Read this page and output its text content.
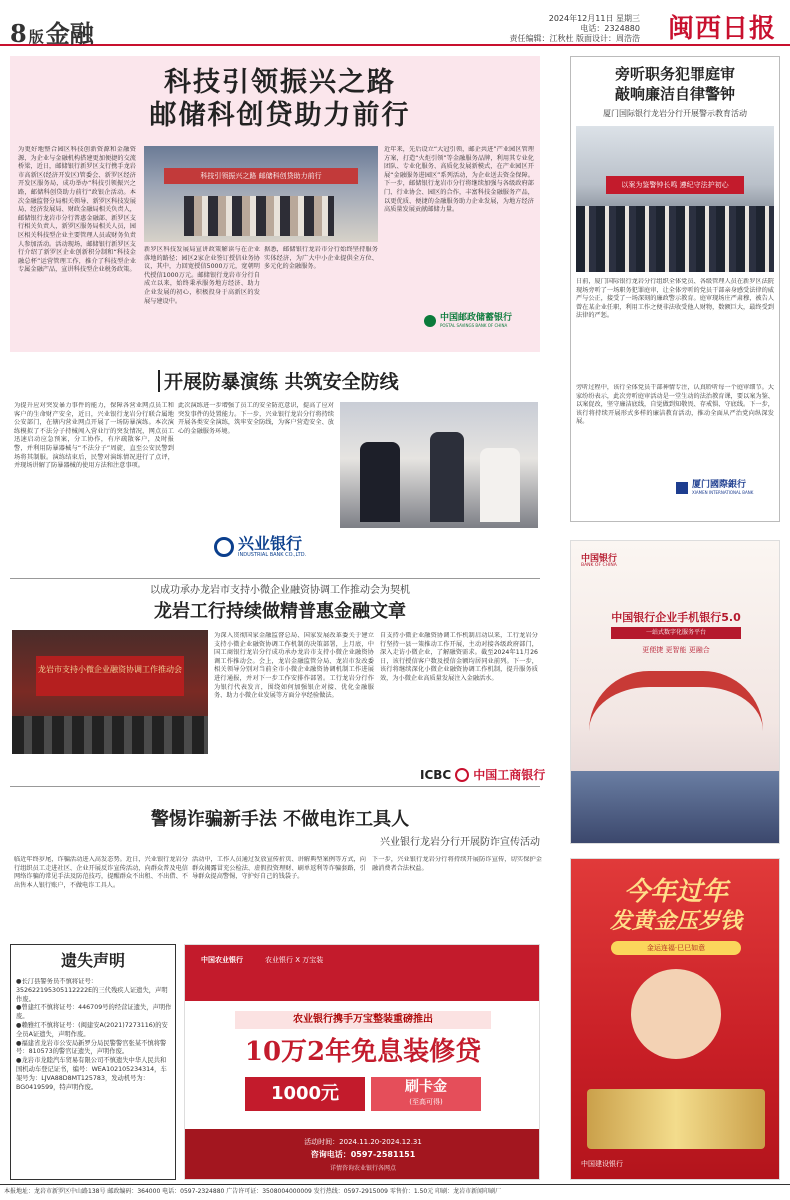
8 版金融
2024年12月11日 星期三
电话：2324880
责任编辑：江秋杜 版面设计：周浩浩 闽西日报
科技引领振兴之路
邮储科创贷助力前行
为更好地整合园区科技创新资源和金融资源，为企业与金融机构搭建更加便捷的交流桥梁，近日，邮储银行新罗区支行携手龙岩市高新区(经济开发区)管委会、新罗区经济开发区服务局，成功举办“科技引领振兴之路，邮储科创贷助力前行”政银企活动。本次金融监督分局相关领导、新罗区科技发展局、经济发展局、财政金融局相关负责人，邮储银行龙岩市分行普惠金融部、新罗区支行相关负责人，新罗区服务局相关人员，园区相关科技型企业主要管理人员或财务负责人参加活动。活动现场，邮储银行新罗区支行介绍了新罗区企业创新积分制和“科技金融总杯”运营管理工作，推介了科技型企业专属金融产品，宣讲科技型企业税务政策。
科技引领振兴之路 邮储科创贷助力前行
新罗区科技发展局宣讲政策解读与在企业落地的路径；园区2家企业签订授信业务协议，其中，力回宽授信5000万元，宽朝明代授信1000万元。邮储银行龙岩市分行自成立以来，始终秉承服务地方经济、助力企业发展的初心，积极投身于高新区的发展与建设中。
据悉，邮储银行龙岩市分行始终坚持服务实体经济，为广大中小企业提供全方位、多元化的金融服务。
近年来，先后设立“大冠引领，邮企共进”产业园区管理方案，打造“火炬引领”等金融服务品牌，利用其专业化团队、专业化服务、高质化发展新模式，在产业园区开展“金融服务进园区”系列活动，为企业送去资金保障。下一步，邮储银行龙岩市分行将继续加强与各级政府部门、行业协会、园区的合作，丰富科技金融服务产品，以更优质、便捷的金融服务助力企业发展，为地方经济高质量发展贡献邮储力量。
中国邮政储蓄银行
POSTAL SAVINGS BANK OF CHINA
开展防暴演练 共筑安全防线
为提升应对突发暴力事件的能力，保障各营业网点员工和客户的生命财产安全，近日，兴业银行龙岩分行联合属地公安部门，在辖内营业网点开展了一场防暴演练。本次演练模拟了不法分子持械闯入营业厅的突发情况，网点员工迅速启动应急预案，分工协作，有序疏散客户，及时报警，并利用防暴器械与“不法分子”周旋，直至公安民警到场将其制服。演练结束后，民警对演练情况进行了点评，并现场讲解了防暴器械的使用方法和注意事项。
此次演练进一步增强了员工的安全防范意识，提高了应对突发事件的处置能力。下一步，兴业银行龙岩分行将持续开展各类安全演练，筑牢安全防线，为客户营造安全、放心的金融服务环境。
兴业银行
INDUSTRIAL BANK CO.,LTD.
以成功承办龙岩市支持小微企业融资协调工作推动会为契机
龙岩工行持续做精普惠金融文章
龙岩市支持小微企业融资协调工作推动会
为深入贯彻国家金融监督总局、国家发展改革委关于建立支持小微企业融资协调工作机制的决策部署，上月底，中国工商银行龙岩分行成功承办龙岩市支持小微企业融资协调工作推动会。会上，龙岩金融监管分局、龙岩市发改委相关领导分别对当前全市小微企业融资协调机制工作进展进行通报，并对下一步工作安排作部署。工行龙岩分行作为银行代表发言，围绕如何加强银企对接、优化金融服务、助力小微企业发展等方面分享经验做法。
自支持小微企业融资协调工作机制启动以来，工行龙岩分行坚持一县一策推动工作开展，主动对接各级政府部门，深入走访小微企业，了解融资需求。截至2024年11月26日，该行授信客户数及授信金额均居同业前列。下一步，该行将继续深化小微企业融资协调工作机制，提升服务质效，为小微企业高质量发展注入金融活水。
ICBC 中国工商银行
警惕诈骗新手法 不做电诈工具人
兴业银行龙岩分行开展防诈宣传活动
临近年终岁尾，诈骗活动进入高发态势。近日，兴业银行龙岩分行组织员工走进社区、企业开展反诈宣传活动，向群众普及电信网络诈骗的常见手法及防范技巧，提醒群众不出租、不出借、不出售本人银行账户，不做电诈工具人。
活动中，工作人员通过发放宣传折页、讲解典型案例等方式，向群众揭露冒充公检法、虚假投资理财、刷单返利等诈骗套路，引导群众提高警惕，守护好自己的钱袋子。
下一步，兴业银行龙岩分行将持续开展防诈宣传，切实保护金融消费者合法权益。
遗失声明
●长汀县警务员不慎将证号：352622195305112222E的三代残疾人证遗失，声明作废。
●曾建红不慎将证号：446709号的经营证遗失，声明作废。
●赖雅红不慎将证号：(闽建安A(2021)7273116)的安全员A证遗失，声明作废。
●福建省龙岩市公安局新罗分局民警警官张某不慎将警号：810573的警官证遗失，声明作废。
●龙岩市龙睦汽车贸易有限公司不慎遗失中华人民共和国机动车登记证书，编号：WEA102105234314，车架号为：LJVA88D8MT125783，发动机号为：BG0419599，特声明作废。
中国农业银行	农业银行 X 万宝装
农业银行携手万宝整装重磅推出
10万2年免息装修贷
1000元	刷卡金
(至高可得)
活动时间：2024.11.20-2024.12.31
咨询电话：0597-2581151
详情咨询农业银行各网点
旁听职务犯罪庭审
敲响廉洁自律警钟
厦门国际银行龙岩分行开展警示教育活动
以案为鉴警钟长鸣 遵纪守法护初心
日前，厦门国际银行龙岩分行组织全体党员、各级管理人员在新罗区法院现场旁听了一场职务犯罪庭审，让全体旁听的党员干部亲身感受法律的威严与公正，接受了一场深刻的廉政警示教育。庭审现场庄严肃穆，被告人曾在某企业任职，利用工作之便非法收受他人财物，数额巨大，最终受到法律的严惩。
旁听过程中，该行全体党员干部神情专注，认真聆听每一个庭审细节。大家纷纷表示，此次旁听庭审活动是一堂生动的法治教育课，要以案为鉴、以案促改，坚守廉洁底线，自觉做到知敬畏、存戒惧、守底线。下一步，该行将持续开展形式多样的廉洁教育活动，推动全面从严治党向纵深发展。
厦门國際銀行
XIAMEN INTERNATIONAL BANK
中国银行
BANK OF CHINA
中国银行企业手机银行5.0
一站式数字化服务平台
更便捷 更智能 更融合
今年过年
发黄金压岁钱
金运连福·巳巳如意
中国建设银行
本报地址：龙岩市新罗区中山路138号 邮政编码：364000 电话：0597-2324880 广告许可证：3508004000009 发行热线：0597-2915009 零售价：1.50元 印刷：龙岩市新闻印刷厂
